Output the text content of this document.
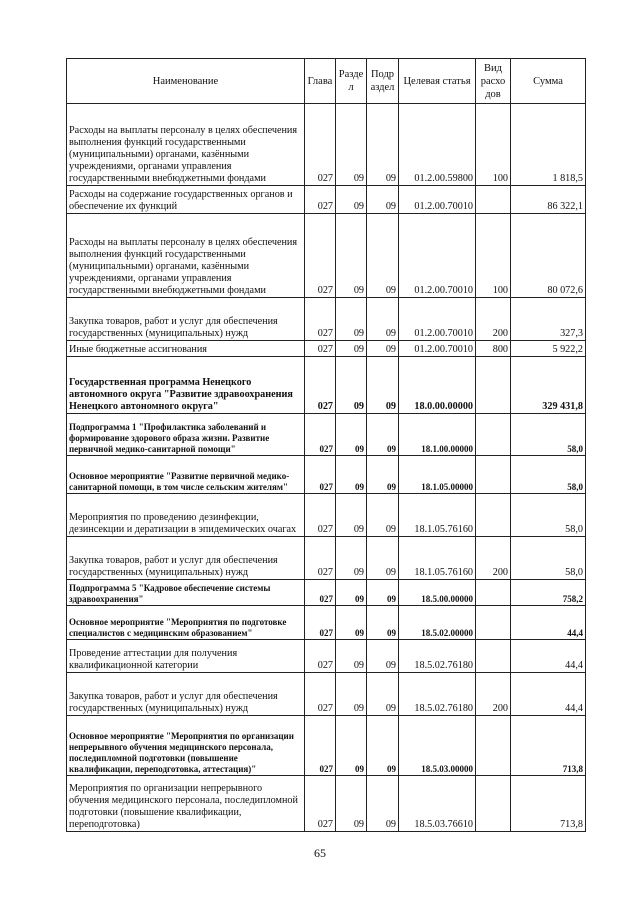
Наименование	Глава	Разде л	Подр аздел	Целевая статья	Вид расхо дов	Сумма
Расходы на выплаты персоналу в целях обеспечения выполнения функций государственными (муниципальными) органами, казёнными учреждениями, органами управления государственными внебюджетными фондами	027	09	09	01.2.00.59800	100	1 818,5
Расходы на содержание государственных органов и обеспечение их функций	027	09	09	01.2.00.70010		86 322,1
Расходы на выплаты персоналу в целях обеспечения выполнения функций государственными (муниципальными) органами, казёнными учреждениями, органами управления государственными внебюджетными фондами	027	09	09	01.2.00.70010	100	80 072,6
Закупка товаров, работ и услуг для обеспечения государственных (муниципальных) нужд	027	09	09	01.2.00.70010	200	327,3
Иные бюджетные ассигнования	027	09	09	01.2.00.70010	800	5 922,2
Государственная программа Ненецкого автономного округа "Развитие здравоохранения Ненецкого автономного округа"	027	09	09	18.0.00.00000		329 431,8
Подпрограмма 1 "Профилактика заболеваний и формирование здорового образа жизни. Развитие первичной медико-санитарной помощи"	027	09	09	18.1.00.00000		58,0
Основное мероприятие "Развитие первичной медико-санитарной помощи, в том числе сельским жителям"	027	09	09	18.1.05.00000		58,0
Мероприятия по проведению дезинфекции, дезинсекции и дератизации в эпидемических очагах	027	09	09	18.1.05.76160		58,0
Закупка товаров, работ и услуг для обеспечения государственных (муниципальных) нужд	027	09	09	18.1.05.76160	200	58,0
Подпрограмма 5 "Кадровое обеспечение системы здравоохранения"	027	09	09	18.5.00.00000		758,2
Основное мероприятие "Мероприятия по подготовке специалистов с медицинским образованием"	027	09	09	18.5.02.00000		44,4
Проведение аттестации для получения квалификационной категории	027	09	09	18.5.02.76180		44,4
Закупка товаров, работ и услуг для обеспечения государственных (муниципальных) нужд	027	09	09	18.5.02.76180	200	44,4
Основное мероприятие "Мероприятия по организации непрерывного обучения медицинского персонала, последипломной подготовки (повышение квалификации, переподготовка, аттестация)"	027	09	09	18.5.03.00000		713,8
Мероприятия по организации непрерывного обучения медицинского персонала, последипломной подготовки (повышение квалификации, переподготовка)	027	09	09	18.5.03.76610		713,8
65
